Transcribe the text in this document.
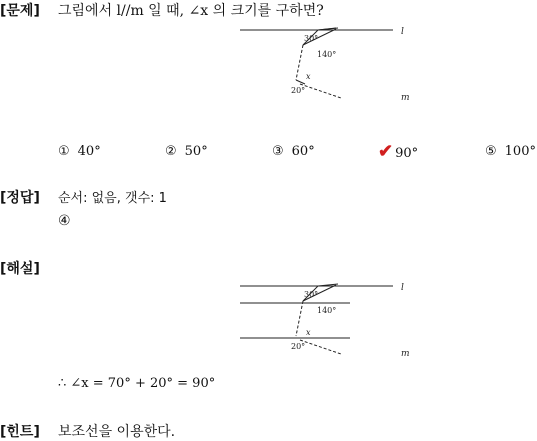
[문제] 그림에서 l//m 일 때, ∠x 의 크기를 구하면?
30°
140°
x
20°
l
m
① 40°	② 50°	③ 60°	✔ 90°	⑤ 100°
[정답] 순서: 없음, 갯수: 1
④
[해설]
30°
140°
x
20°
l
m
∴ ∠x = 70° + 20° = 90°
[힌트] 보조선을 이용한다.
